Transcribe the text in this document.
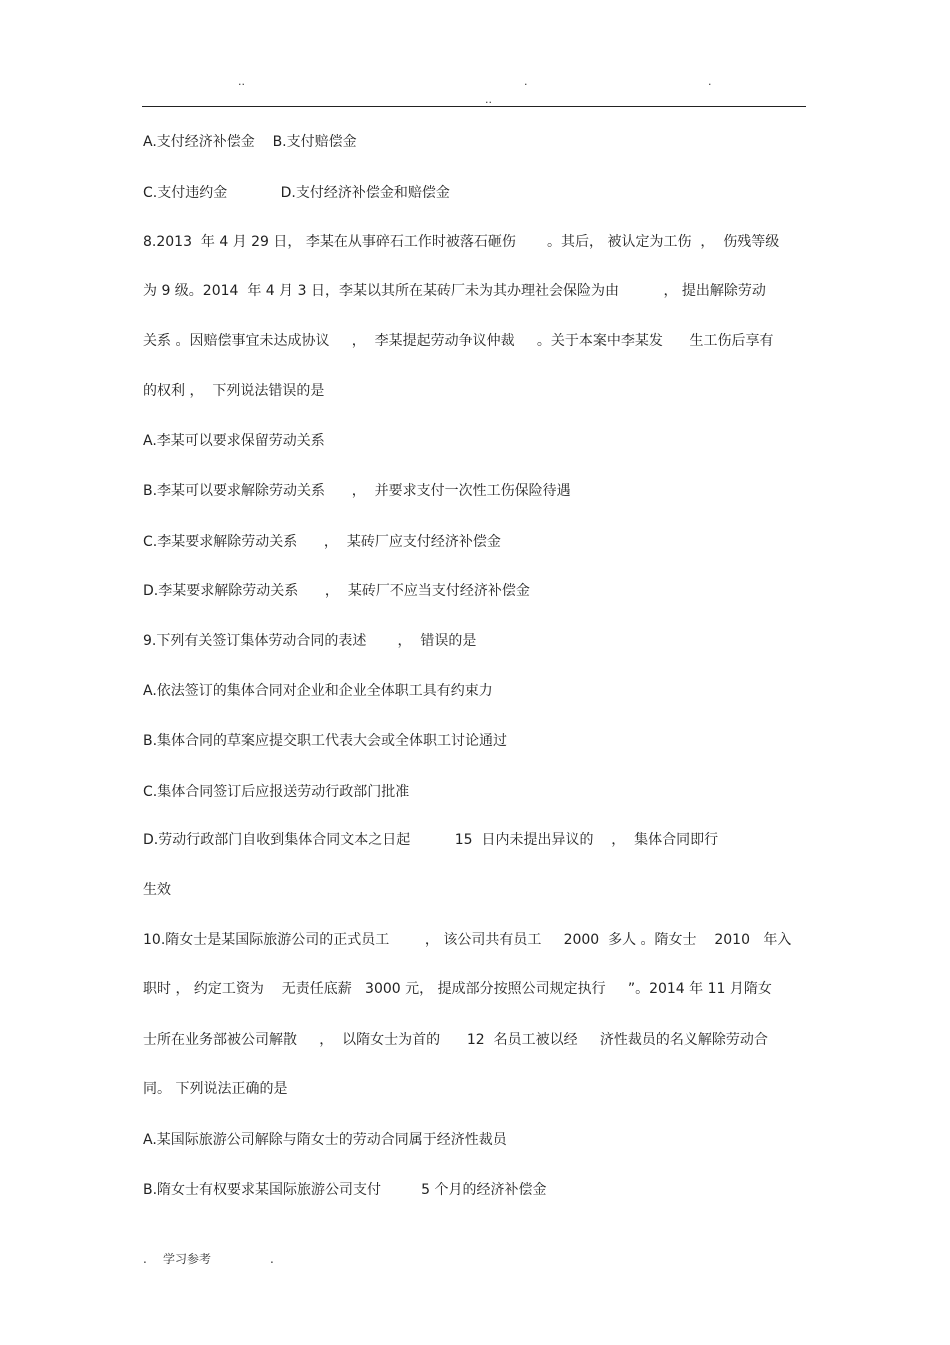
..	.	.
..
A.支付经济补偿金    B.支付赔偿金
C.支付违约金            D.支付经济补偿金和赔偿金
8.2013  年 4 月 29 日， 李某在从事碎石工作时被落石砸伤       。其后， 被认定为工伤  ，  伤残等级
为 9 级。2014  年 4 月 3 日，李某以其所在某砖厂未为其办理社会保险为由          ， 提出解除劳动
关系 。因赔偿事宜未达成协议     ，  李某提起劳动争议仲裁     。关于本案中李某发      生工伤后享有
的权利 ，  下列说法错误的是
A.李某可以要求保留劳动关系
B.李某可以要求解除劳动关系      ，  并要求支付一次性工伤保险待遇
C.李某要求解除劳动关系      ，  某砖厂应支付经济补偿金
D.李某要求解除劳动关系      ，  某砖厂不应当支付经济补偿金
9.下列有关签订集体劳动合同的表述       ，  错误的是
A.依法签订的集体合同对企业和企业全体职工具有约束力
B.集体合同的草案应提交职工代表大会或全体职工讨论通过
C.集体合同签订后应报送劳动行政部门批准
D.劳动行政部门自收到集体合同文本之日起          15  日内未提出异议的    ，  集体合同即行
生效
10.隋女士是某国际旅游公司的正式员工        ， 该公司共有员工     2000  多人 。隋女士    2010   年入
职时 ， 约定工资为    无责任底薪   3000 元， 提成部分按照公司规定执行     ”。2014 年 11 月隋女
士所在业务部被公司解散     ，  以隋女士为首的      12  名员工被以经     济性裁员的名义解除劳动合
同。 下列说法正确的是
A.某国际旅游公司解除与隋女士的劳动合同属于经济性裁员
B.隋女士有权要求某国际旅游公司支付         5 个月的经济补偿金
. 学习参考	.
